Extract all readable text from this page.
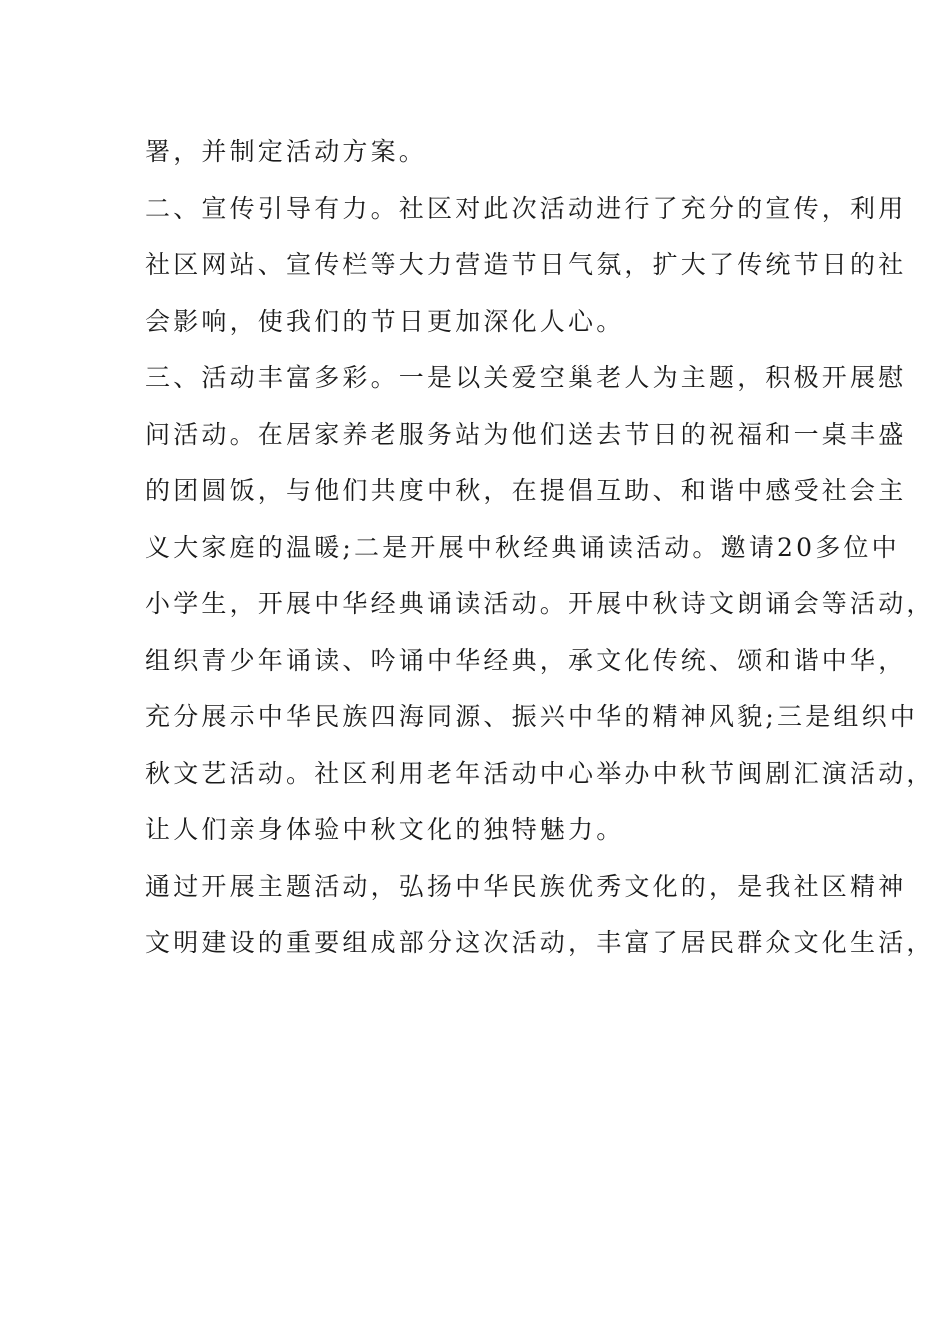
署，并制定活动方案。
二、宣传引导有力。社区对此次活动进行了充分的宣传，利用
社区网站、宣传栏等大力营造节日气氛，扩大了传统节日的社
会影响，使我们的节日更加深化人心。
三、活动丰富多彩。一是以关爱空巢老人为主题，积极开展慰
问活动。在居家养老服务站为他们送去节日的祝福和一桌丰盛
的团圆饭，与他们共度中秋，在提倡互助、和谐中感受社会主
义大家庭的温暖;二是开展中秋经典诵读活动。邀请20多位中
小学生，开展中华经典诵读活动。开展中秋诗文朗诵会等活动，
组织青少年诵读、吟诵中华经典，承文化传统、颂和谐中华，
充分展示中华民族四海同源、振兴中华的精神风貌;三是组织中
秋文艺活动。社区利用老年活动中心举办中秋节闽剧汇演活动，
让人们亲身体验中秋文化的独特魅力。
通过开展主题活动，弘扬中华民族优秀文化的，是我社区精神
文明建设的重要组成部分这次活动，丰富了居民群众文化生活，
